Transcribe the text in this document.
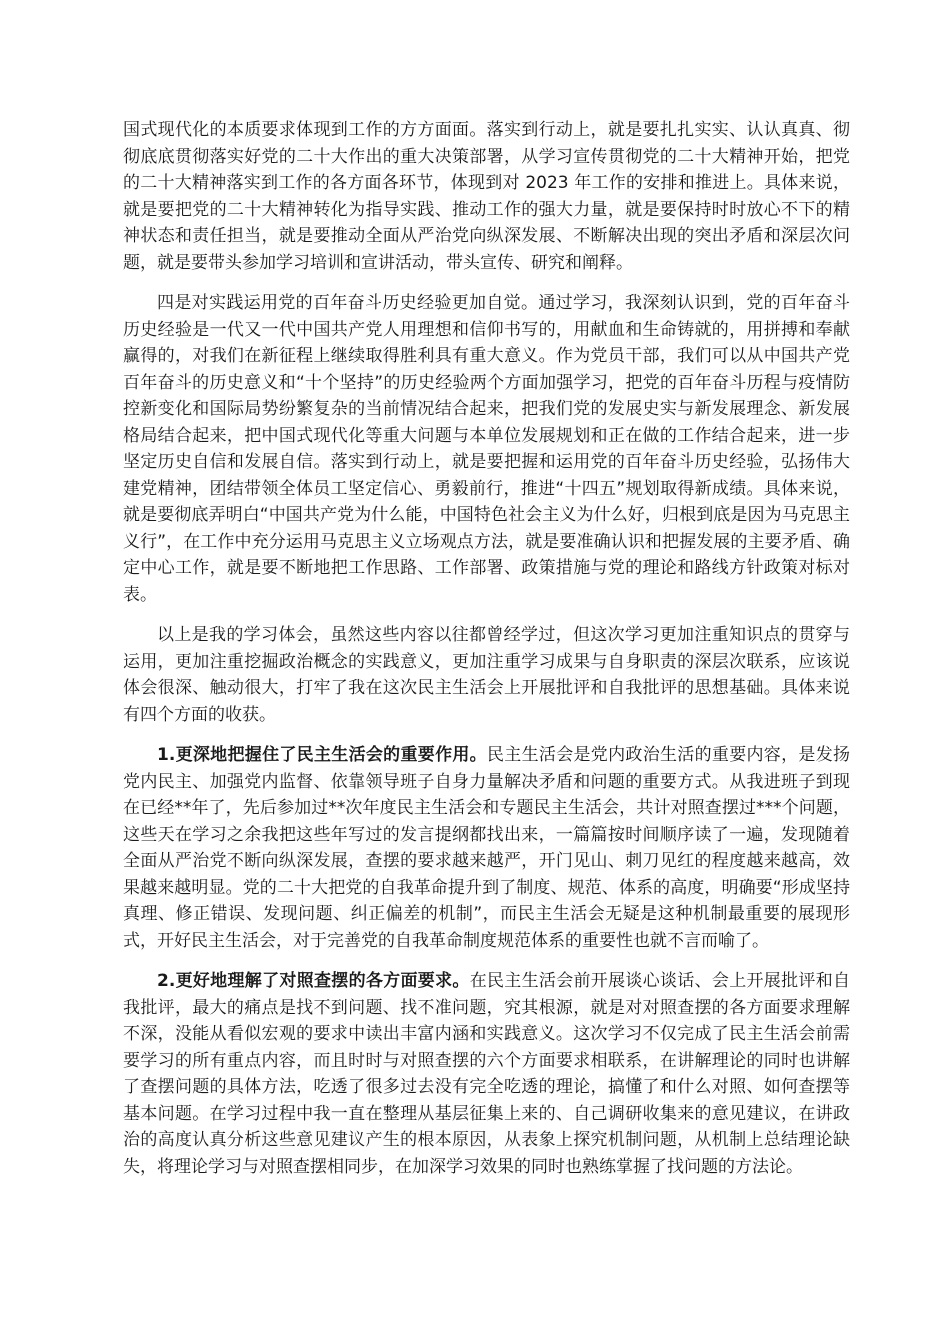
国式现代化的本质要求体现到工作的方方面面。落实到行动上，就是要扎扎实实、认认真真、彻彻底底贯彻落实好党的二十大作出的重大决策部署，从学习宣传贯彻党的二十大精神开始，把党的二十大精神落实到工作的各方面各环节，体现到对 2023 年工作的安排和推进上。具体来说，就是要把党的二十大精神转化为指导实践、推动工作的强大力量，就是要保持时时放心不下的精神状态和责任担当，就是要推动全面从严治党向纵深发展、不断解决出现的突出矛盾和深层次问题，就是要带头参加学习培训和宣讲活动，带头宣传、研究和阐释。

四是对实践运用党的百年奋斗历史经验更加自觉。通过学习，我深刻认识到，党的百年奋斗历史经验是一代又一代中国共产党人用理想和信仰书写的，用献血和生命铸就的，用拼搏和奉献赢得的，对我们在新征程上继续取得胜利具有重大意义。作为党员干部，我们可以从中国共产党百年奋斗的历史意义和“十个坚持”的历史经验两个方面加强学习，把党的百年奋斗历程与疫情防控新变化和国际局势纷繁复杂的当前情况结合起来，把我们党的发展史实与新发展理念、新发展格局结合起来，把中国式现代化等重大问题与本单位发展规划和正在做的工作结合起来，进一步坚定历史自信和发展自信。落实到行动上，就是要把握和运用党的百年奋斗历史经验，弘扬伟大建党精神，团结带领全体员工坚定信心、勇毅前行，推进“十四五”规划取得新成绩。具体来说，就是要彻底弄明白“中国共产党为什么能，中国特色社会主义为什么好，归根到底是因为马克思主义行”，在工作中充分运用马克思主义立场观点方法，就是要准确认识和把握发展的主要矛盾、确定中心工作，就是要不断地把工作思路、工作部署、政策措施与党的理论和路线方针政策对标对表。

以上是我的学习体会，虽然这些内容以往都曾经学过，但这次学习更加注重知识点的贯穿与运用，更加注重挖掘政治概念的实践意义，更加注重学习成果与自身职责的深层次联系，应该说体会很深、触动很大，打牢了我在这次民主生活会上开展批评和自我批评的思想基础。具体来说有四个方面的收获。

1.更深地把握住了民主生活会的重要作用。民主生活会是党内政治生活的重要内容，是发扬党内民主、加强党内监督、依靠领导班子自身力量解决矛盾和问题的重要方式。从我进班子到现在已经**年了，先后参加过**次年度民主生活会和专题民主生活会，共计对照查摆过***个问题，这些天在学习之余我把这些年写过的发言提纲都找出来，一篇篇按时间顺序读了一遍，发现随着全面从严治党不断向纵深发展，查摆的要求越来越严，开门见山、刺刀见红的程度越来越高，效果越来越明显。党的二十大把党的自我革命提升到了制度、规范、体系的高度，明确要“形成坚持真理、修正错误、发现问题、纠正偏差的机制”，而民主生活会无疑是这种机制最重要的展现形式，开好民主生活会，对于完善党的自我革命制度规范体系的重要性也就不言而喻了。

2.更好地理解了对照查摆的各方面要求。在民主生活会前开展谈心谈话、会上开展批评和自我批评，最大的痛点是找不到问题、找不准问题，究其根源，就是对对照查摆的各方面要求理解不深，没能从看似宏观的要求中读出丰富内涵和实践意义。这次学习不仅完成了民主生活会前需要学习的所有重点内容，而且时时与对照查摆的六个方面要求相联系，在讲解理论的同时也讲解了查摆问题的具体方法，吃透了很多过去没有完全吃透的理论，搞懂了和什么对照、如何查摆等基本问题。在学习过程中我一直在整理从基层征集上来的、自己调研收集来的意见建议，在讲政治的高度认真分析这些意见建议产生的根本原因，从表象上探究机制问题，从机制上总结理论缺失，将理论学习与对照查摆相同步，在加深学习效果的同时也熟练掌握了找问题的方法论。
